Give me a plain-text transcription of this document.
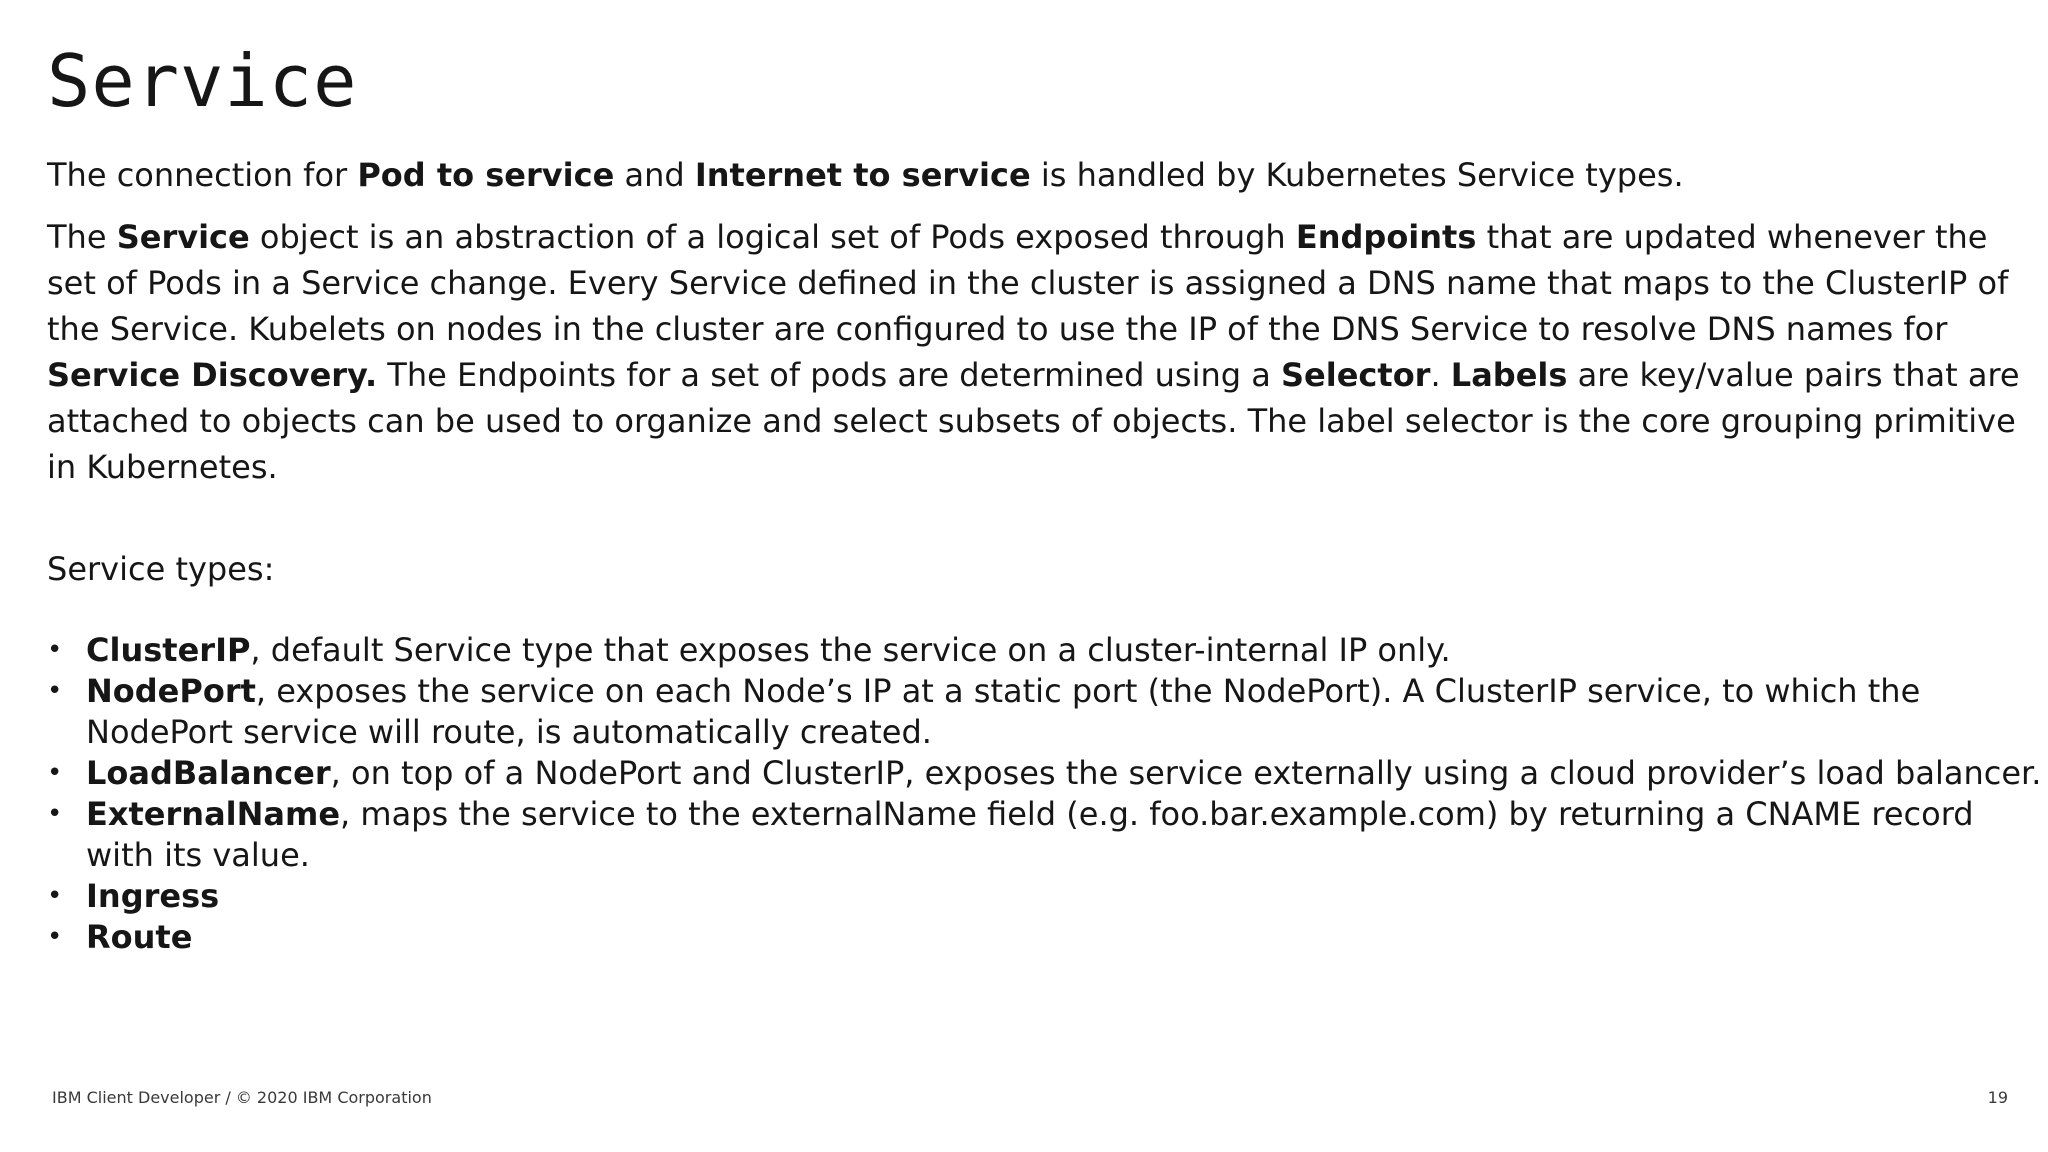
Service

The connection for Pod to service and Internet to service is handled by Kubernetes Service types.

The Service object is an abstraction of a logical set of Pods exposed through Endpoints that are updated whenever the set of Pods in a Service change. Every Service defined in the cluster is assigned a DNS name that maps to the ClusterIP of the Service. Kubelets on nodes in the cluster are configured to use the IP of the DNS Service to resolve DNS names for Service Discovery. The Endpoints for a set of pods are determined using a Selector. Labels are key/value pairs that are attached to objects can be used to organize and select subsets of objects. The label selector is the core grouping primitive in Kubernetes.

Service types:

• ClusterIP, default Service type that exposes the service on a cluster-internal IP only.
• NodePort, exposes the service on each Node’s IP at a static port (the NodePort). A ClusterIP service, to which the NodePort service will route, is automatically created.
• LoadBalancer, on top of a NodePort and ClusterIP, exposes the service externally using a cloud provider’s load balancer.
• ExternalName, maps the service to the externalName field (e.g. foo.bar.example.com) by returning a CNAME record with its value.
• Ingress
• Route
IBM Client Developer / © 2020 IBM Corporation	19
